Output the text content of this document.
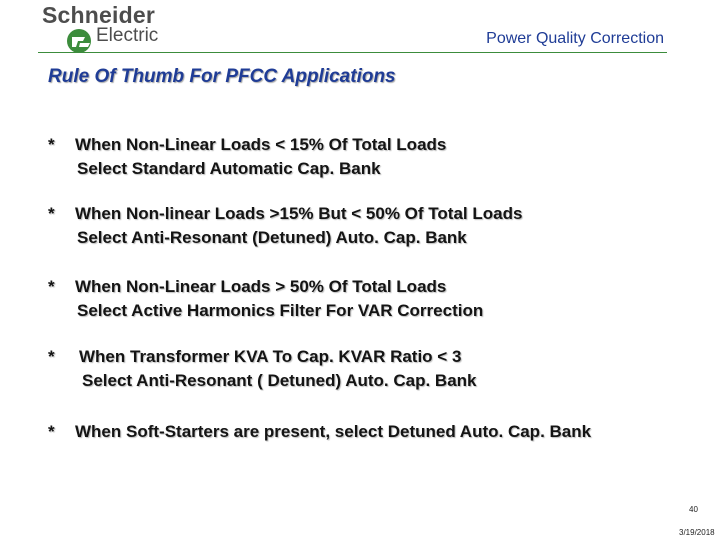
Schneider
Electric	Power Quality Correction
Rule Of Thumb For PFCC Applications
* When Non-Linear Loads < 15% Of Total Loads
Select Standard Automatic Cap. Bank
* When Non-linear Loads >15% But < 50% Of Total Loads
Select Anti-Resonant (Detuned) Auto. Cap. Bank
* When Non-Linear Loads > 50% Of Total Loads
Select Active Harmonics Filter For VAR Correction
* When Transformer KVA To Cap. KVAR Ratio < 3
Select Anti-Resonant ( Detuned) Auto. Cap. Bank
* When Soft-Starters are present, select Detuned Auto. Cap. Bank
40
3/19/2018
